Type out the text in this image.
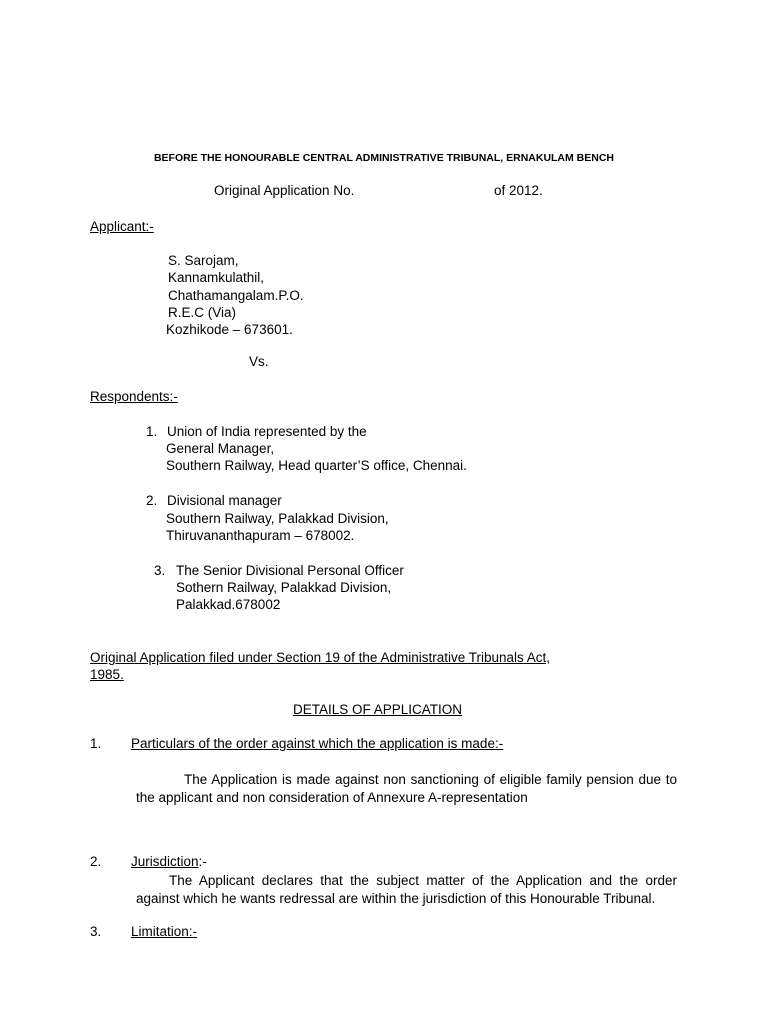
BEFORE THE HONOURABLE CENTRAL ADMINISTRATIVE TRIBUNAL, ERNAKULAM BENCH
Original Application No.	of 2012.
Applicant:-
S. Sarojam,
Kannamkulathil,
Chathamangalam.P.O.
R.E.C (Via)
Kozhikode – 673601.
Vs.
Respondents:-
1. Union of India represented by the
General Manager,
Southern Railway, Head quarter’S office, Chennai.
2. Divisional manager
Southern Railway, Palakkad Division,
Thiruvananthapuram – 678002.
3. The Senior Divisional Personal Officer
Sothern Railway, Palakkad Division,
Palakkad.678002
Original Application filed under Section 19 of the Administrative Tribunals Act,
1985.
DETAILS OF APPLICATION
1. Particulars of the order against which the application is made:-
The Application is made against non sanctioning of eligible family pension due to the applicant and non consideration of Annexure A-representation
2. Jurisdiction:-
The Applicant declares that the subject matter of the Application and the order against which he wants redressal are within the jurisdiction of this Honourable Tribunal.
3. Limitation:-
